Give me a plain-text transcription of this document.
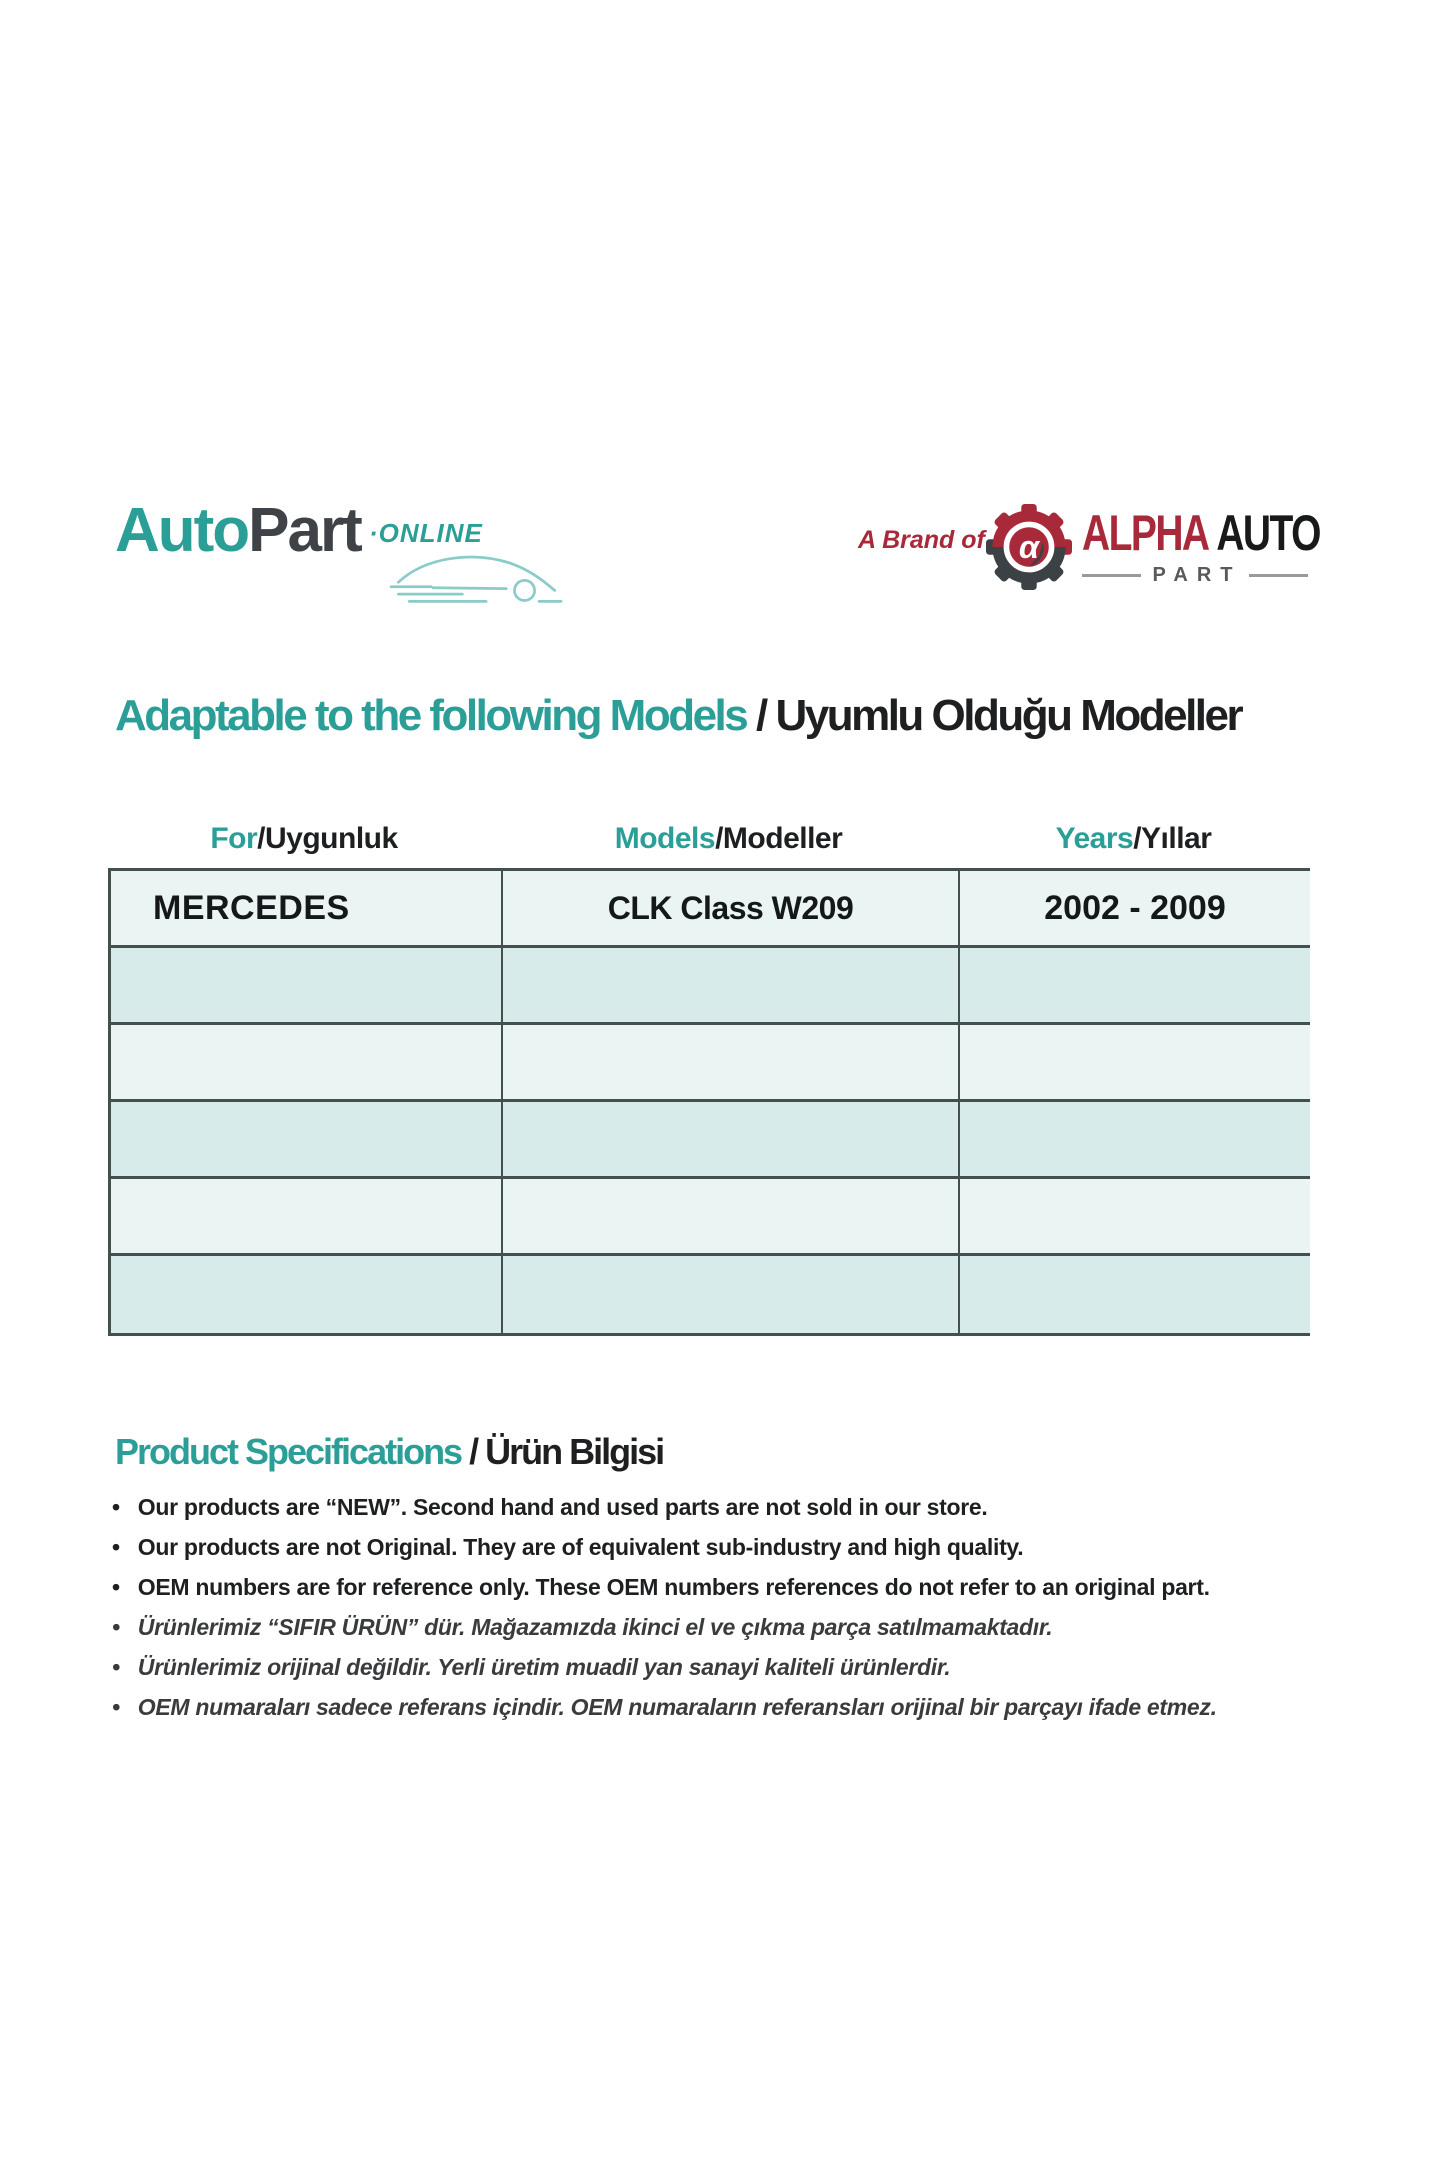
AutoPart ·ONLINE	A Brand of α ALPHA AUTO
PART
Adaptable to the following Models / Uyumlu Olduğu Modeller
For / Uygunluk	Models / Modeller	Years / Yıllar
MERCEDES	CLK Class W209	2002 - 2009
Product Specifications / Ürün Bilgisi
• Our products are “NEW”. Second hand and used parts are not sold in our store.
• Our products are not Original. They are of equivalent sub-industry and high quality.
• OEM numbers are for reference only. These OEM numbers references do not refer to an original part.
• Ürünlerimiz “SIFIR ÜRÜN” dür. Mağazamızda ikinci el ve çıkma parça satılmamaktadır.
• Ürünlerimiz orijinal değildir. Yerli üretim muadil yan sanayi kaliteli ürünlerdir.
• OEM numaraları sadece referans içindir. OEM numaraların referansları orijinal bir parçayı ifade etmez.
